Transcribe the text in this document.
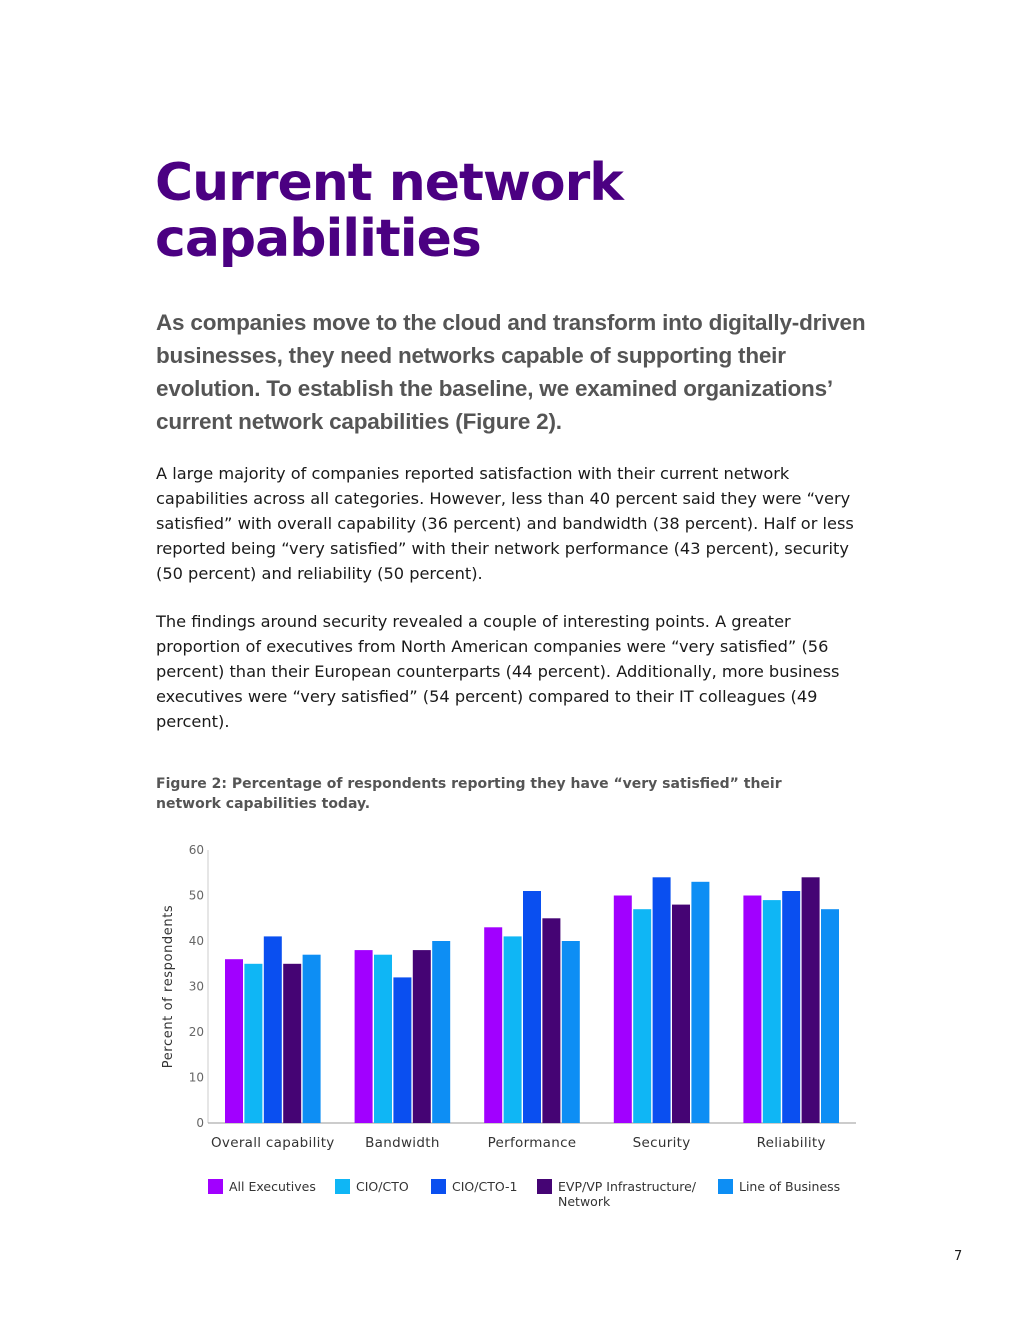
Current network capabilities

As companies move to the cloud and transform into digitally-driven businesses, they need networks capable of supporting their evolution. To establish the baseline, we examined organizations’ current network capabilities (Figure 2).

A large majority of companies reported satisfaction with their current network capabilities across all categories. However, less than 40 percent said they were “very satisfied” with overall capability (36 percent) and bandwidth (38 percent). Half or less reported being “very satisfied” with their network performance (43 percent), security (50 percent) and reliability (50 percent).

The findings around security revealed a couple of interesting points. A greater proportion of executives from North American companies were “very satisfied” (56 percent) than their European counterparts (44 percent). Additionally, more business executives were “very satisfied” (54 percent) compared to their IT colleagues (49 percent).

Figure 2: Percentage of respondents reporting they have “very satisfied” their network capabilities today.

0
10
20
30
40
50
60
Percent of respondents
Overall capability Bandwidth	Performance	Security	Reliability
All Executives	CIO/CTO	CIO/CTO-1	EVP/VP Infrastructure/ Network
Line of Business
7
